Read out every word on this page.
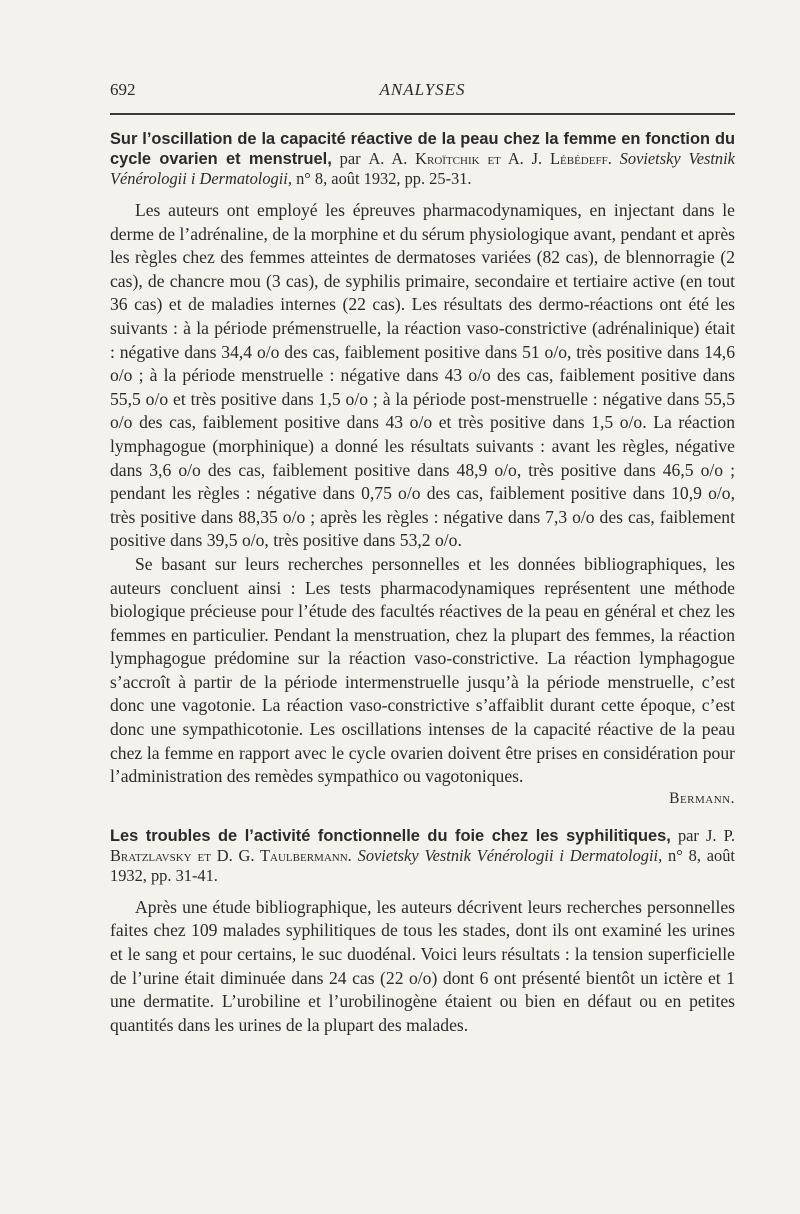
692	ANALYSES
Sur l’oscillation de la capacité réactive de la peau chez la femme en fonction du cycle ovarien et menstruel, par A. A. Kroïtchik et A. J. Lébédeff. Sovietsky Vestnik Vénérologii i Dermatologii, n° 8, août 1932, pp. 25-31.

Les auteurs ont employé les épreuves pharmacodynamiques, en injectant dans le derme de l’adrénaline, de la morphine et du sérum physiologique avant, pendant et après les règles chez des femmes atteintes de dermatoses variées (82 cas), de blennorragie (2 cas), de chancre mou (3 cas), de syphilis primaire, secondaire et tertiaire active (en tout 36 cas) et de maladies internes (22 cas). Les résultats des dermo-réactions ont été les suivants : à la période prémenstruelle, la réaction vaso-constrictive (adrénalinique) était : négative dans 34,4 o/o des cas, faiblement positive dans 51 o/o, très positive dans 14,6 o/o ; à la période menstruelle : négative dans 43 o/o des cas, faiblement positive dans 55,5 o/o et très positive dans 1,5 o/o ; à la période post-menstruelle : négative dans 55,5 o/o des cas, faiblement positive dans 43 o/o et très positive dans 1,5 o/o. La réaction lymphagogue (morphinique) a donné les résultats suivants : avant les règles, négative dans 3,6 o/o des cas, faiblement positive dans 48,9 o/o, très positive dans 46,5 o/o ; pendant les règles : négative dans 0,75 o/o des cas, faiblement positive dans 10,9 o/o, très positive dans 88,35 o/o ; après les règles : négative dans 7,3 o/o des cas, faiblement positive dans 39,5 o/o, très positive dans 53,2 o/o.

Se basant sur leurs recherches personnelles et les données bibliographiques, les auteurs concluent ainsi : Les tests pharmacodynamiques représentent une méthode biologique précieuse pour l’étude des facultés réactives de la peau en général et chez les femmes en particulier. Pendant la menstruation, chez la plupart des femmes, la réaction lymphagogue prédomine sur la réaction vaso-constrictive. La réaction lymphagogue s’accroît à partir de la période intermenstruelle jusqu’à la période menstruelle, c’est donc une vagotonie. La réaction vaso-constrictive s’affaiblit durant cette époque, c’est donc une sympathicotonie. Les oscillations intenses de la capacité réactive de la peau chez la femme en rapport avec le cycle ovarien doivent être prises en considération pour l’administration des remèdes sympathico ou vagotoniques.

Bermann.
Les troubles de l’activité fonctionnelle du foie chez les syphilitiques, par J. P. Bratzlavsky et D. G. Taulbermann. Sovietsky Vestnik Vénérologii i Dermatologii, n° 8, août 1932, pp. 31-41.

Après une étude bibliographique, les auteurs décrivent leurs recherches personnelles faites chez 109 malades syphilitiques de tous les stades, dont ils ont examiné les urines et le sang et pour certains, le suc duodénal. Voici leurs résultats : la tension superficielle de l’urine était diminuée dans 24 cas (22 o/o) dont 6 ont présenté bientôt un ictère et 1 une dermatite. L’urobiline et l’urobilinogène étaient ou bien en défaut ou en petites quantités dans les urines de la plupart des malades.
